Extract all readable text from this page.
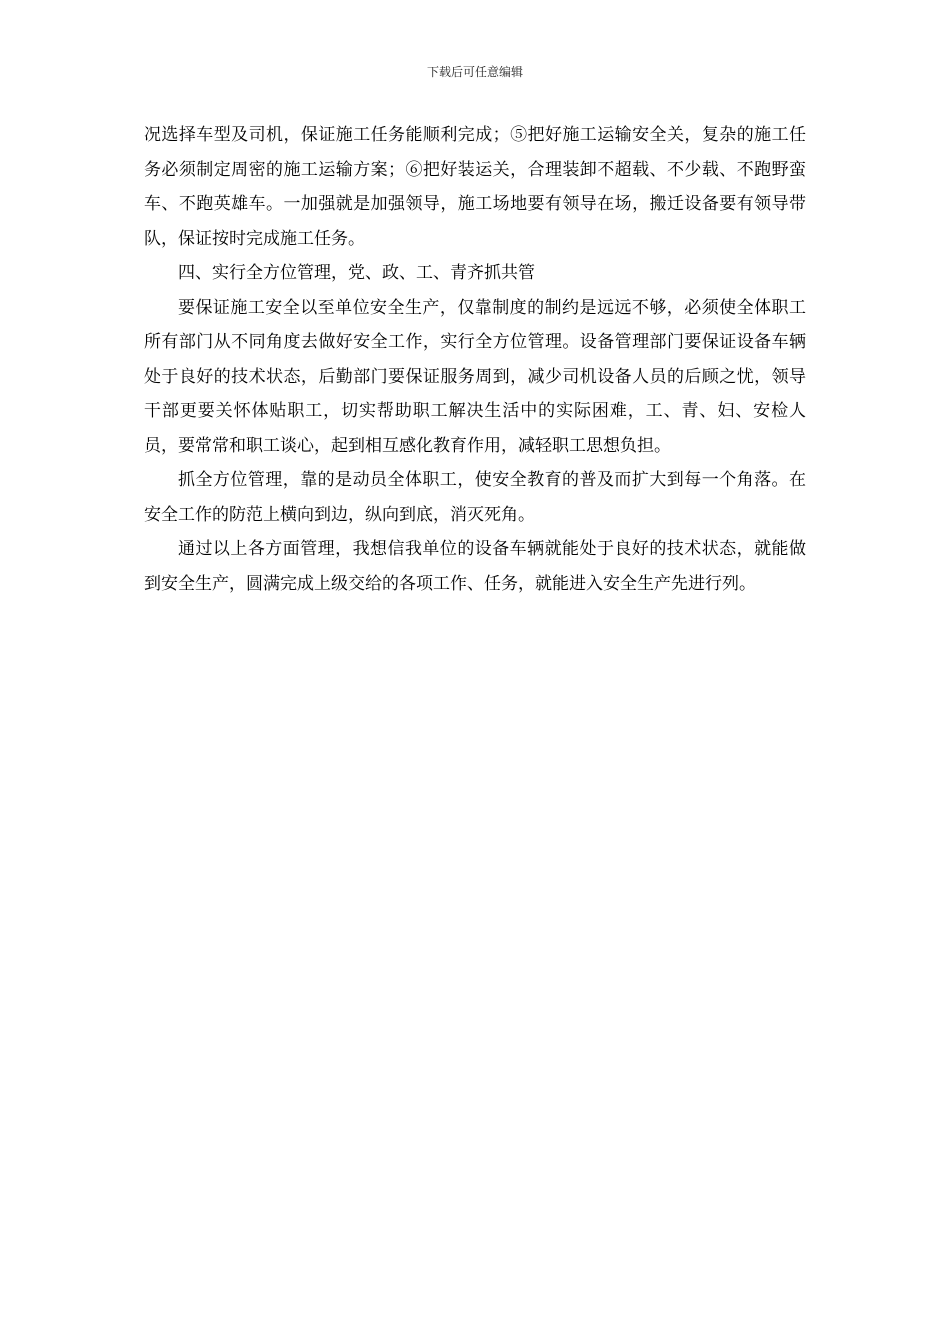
下载后可任意编辑

况选择车型及司机，保证施工任务能顺利完成；⑤把好施工运输安全关，复杂的施工任务必须制定周密的施工运输方案；⑥把好装运关，合理装卸不超载、不少载、不跑野蛮车、不跑英雄车。一加强就是加强领导，施工场地要有领导在场，搬迁设备要有领导带队，保证按时完成施工任务。

四、实行全方位管理，党、政、工、青齐抓共管

要保证施工安全以至单位安全生产，仅靠制度的制约是远远不够，必须使全体职工所有部门从不同角度去做好安全工作，实行全方位管理。设备管理部门要保证设备车辆处于良好的技术状态，后勤部门要保证服务周到，减少司机设备人员的后顾之忧，领导干部更要关怀体贴职工，切实帮助职工解决生活中的实际困难，工、青、妇、安检人员，要常常和职工谈心，起到相互感化教育作用，减轻职工思想负担。

抓全方位管理，靠的是动员全体职工，使安全教育的普及而扩大到每一个角落。在安全工作的防范上横向到边，纵向到底，消灭死角。

通过以上各方面管理，我想信我单位的设备车辆就能处于良好的技术状态，就能做到安全生产，圆满完成上级交给的各项工作、任务，就能进入安全生产先进行列。
